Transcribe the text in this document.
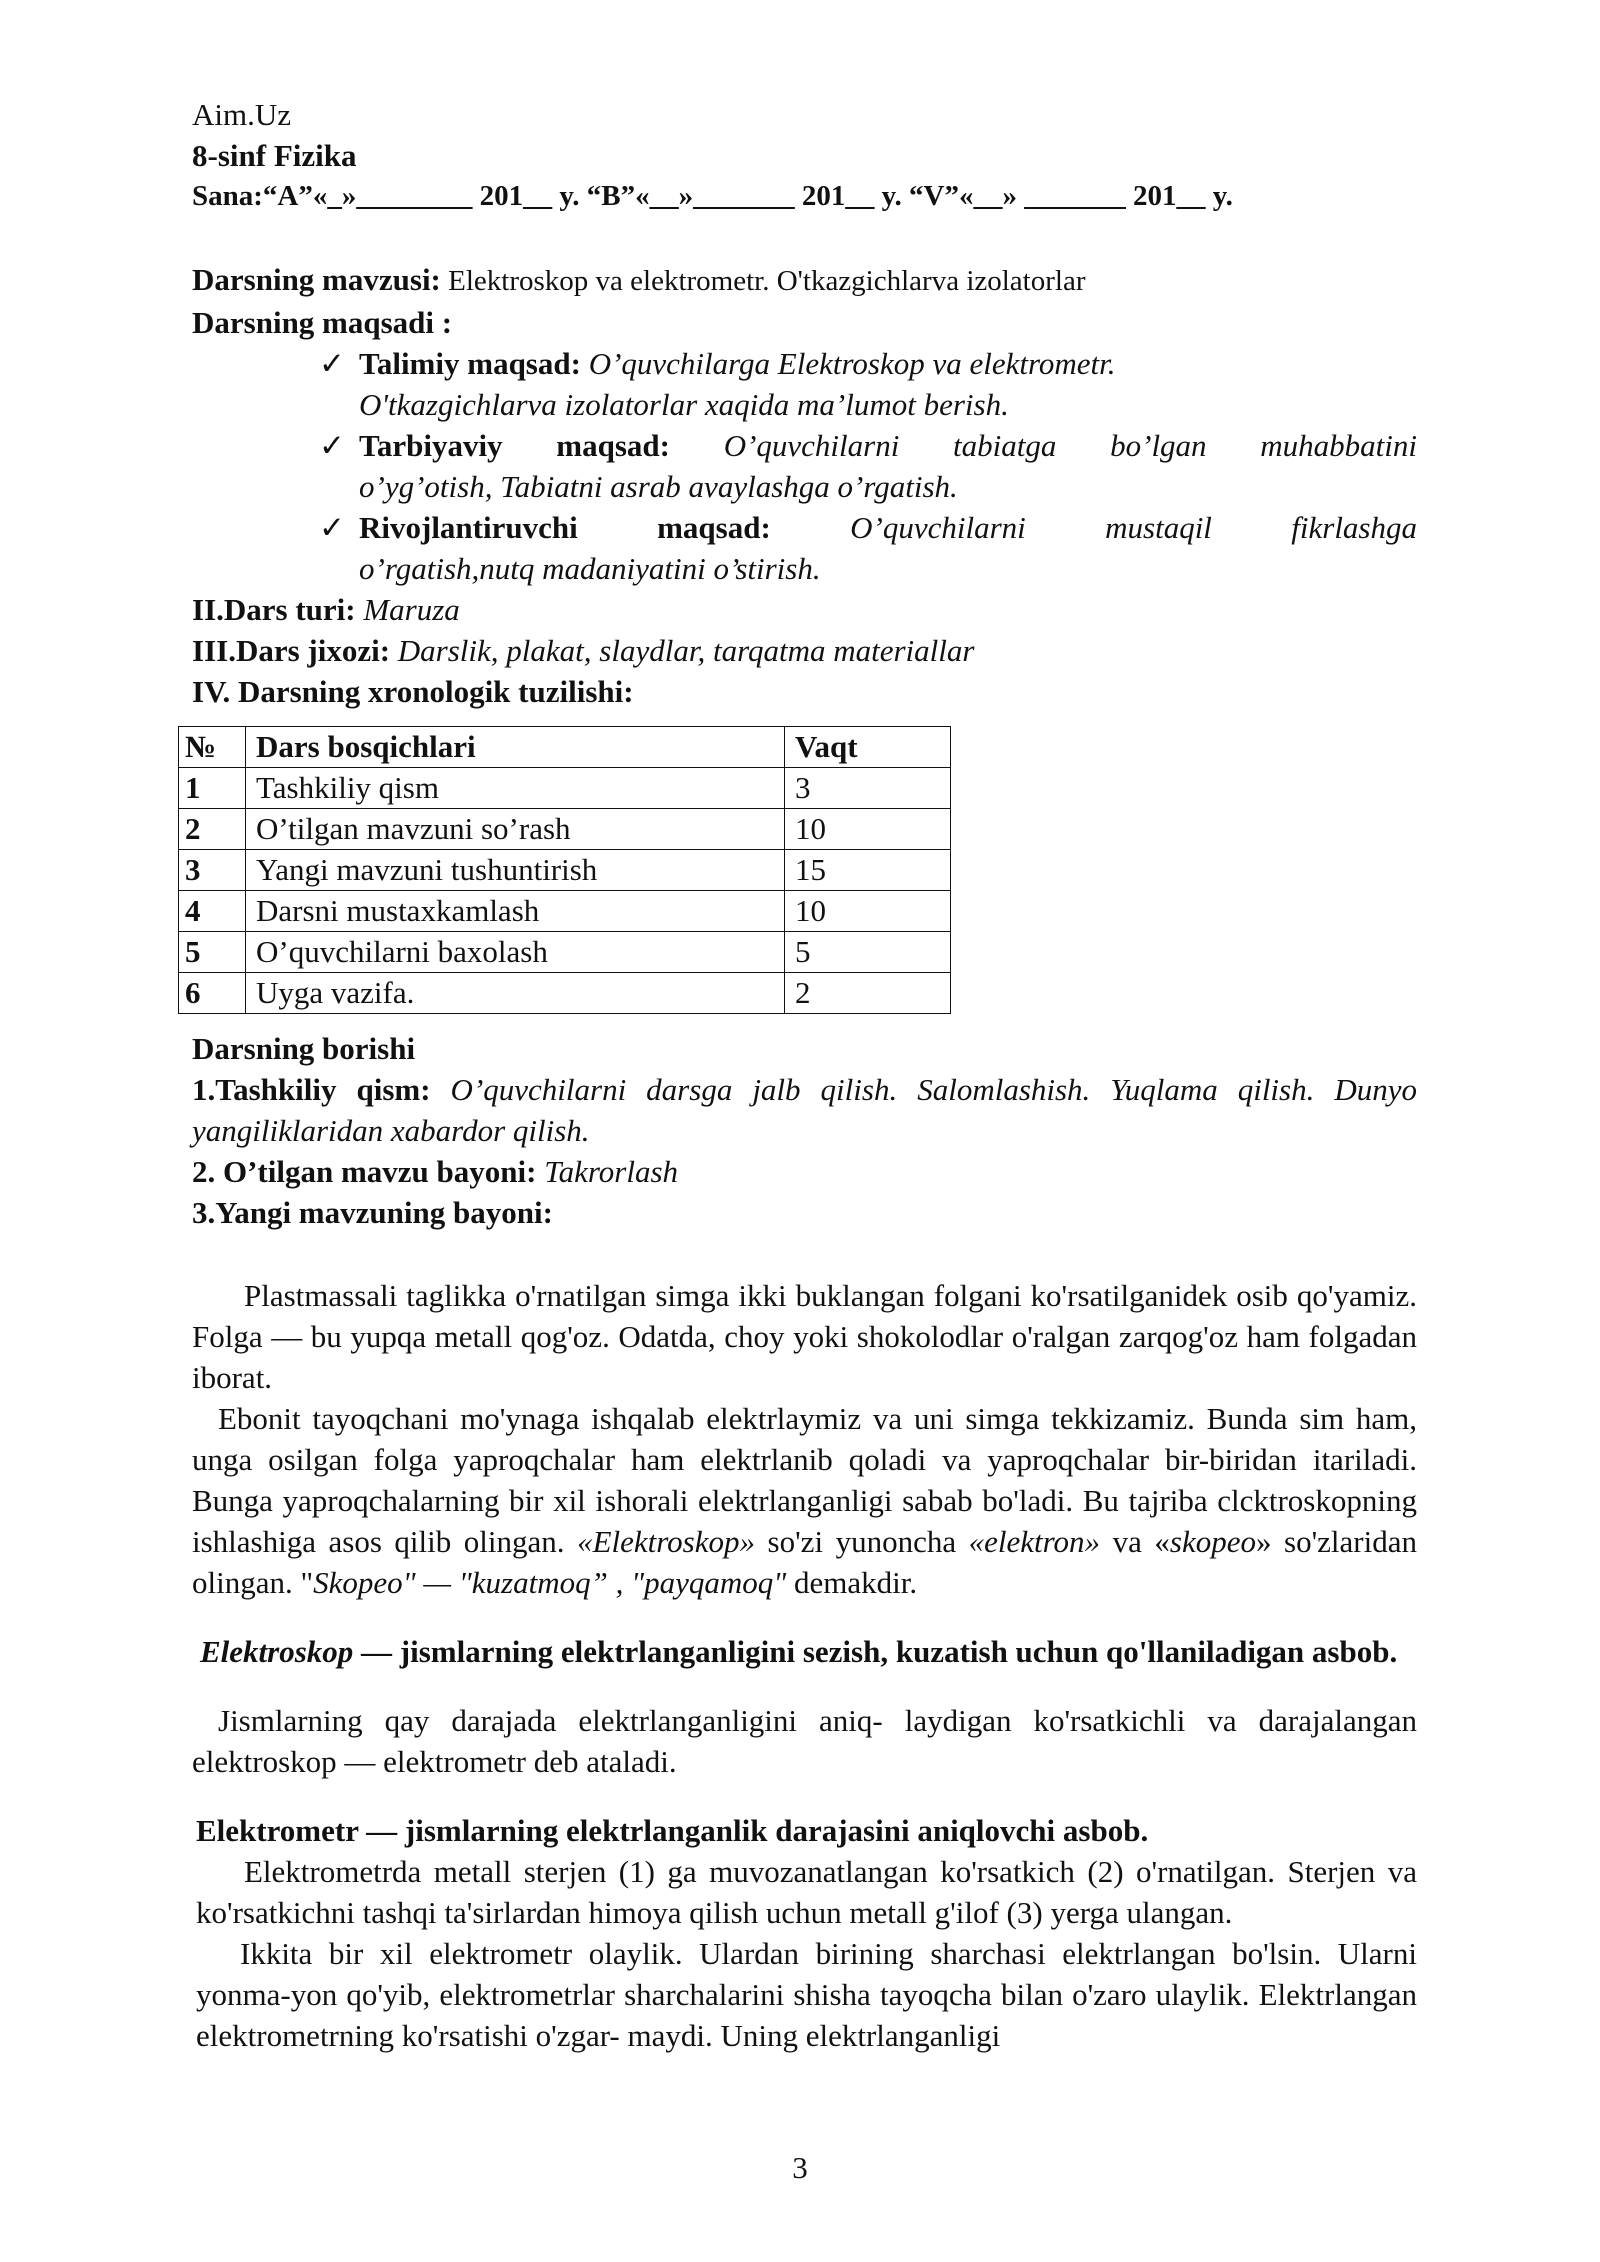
Aim.Uz
8-sinf Fizika
Sana:“A”«_»________ 201__ y. “B”«__»_______ 201__ y. “V”«__» _______ 201__ y.
Darsning mavzusi: Elektroskop va elektrometr. O'tkazgichlarva izolatorlar
Darsning maqsadi :
✓ Talimiy maqsad: O’quvchilarga Elektroskop va elektrometr.
O'tkazgichlarva izolatorlar xaqida ma’lumot berish.
✓ Tarbiyaviy maqsad: O’quvchilarni tabiatga bo’lgan muhabbatini
o’yg’otish, Tabiatni asrab avaylashga o’rgatish.
✓ Rivojlantiruvchi maqsad: O’quvchilarni mustaqil fikrlashga
o’rgatish,nutq madaniyatini o’stirish.
II.Dars turi: Maruza
III.Dars jixozi: Darslik, plakat, slaydlar, tarqatma materiallar
IV. Darsning xronologik tuzilishi:
№	Dars bosqichlari	Vaqt
1	Tashkiliy qism	3
2	O’tilgan mavzuni so’rash	10
3	Yangi mavzuni tushuntirish	15
4	Darsni mustaxkamlash	10
5	O’quvchilarni baxolash	5
6	Uyga vazifa.	2
Darsning borishi
1.Tashkiliy qism: O’quvchilarni darsga jalb qilish. Salomlashish. Yuqlama qilish. Dunyo yangiliklaridan xabardor qilish.
2. O’tilgan mavzu bayoni: Takrorlash
3.Yangi mavzuning bayoni:

Plastmassali taglikka o'rnatilgan simga ikki buklangan folgani ko'rsatilganidek osib qo'yamiz. Folga — bu yupqa metall qog'oz. Odatda, choy yoki shokolodlar o'ralgan zarqog'oz ham folgadan iborat.

Ebonit tayoqchani mo'ynaga ishqalab elektrlaymiz va uni simga tekkizamiz. Bunda sim ham, unga osilgan folga yaproqchalar ham elektrlanib qoladi va yaproqchalar bir-biridan itariladi. Bunga yaproqchalarning bir xil ishorali elektrlanganligi sabab bo'ladi. Bu tajriba clcktroskopning ishlashiga asos qilib olingan. «Elektroskop» so'zi yunoncha «elektron» va «skopeo» so'zlaridan olingan. "Skopeo" — "kuzatmoq” , "payqamoq" demakdir.

Elektroskop — jismlarning elektrlanganligini sezish, kuzatish uchun qo'llaniladigan asbob.

Jismlarning qay darajada elektrlanganligini aniq- laydigan ko'rsatkichli va darajalangan elektroskop — elektrometr deb ataladi.

Elektrometr — jismlarning elektrlanganlik darajasini aniqlovchi asbob.

Elektrometrda metall sterjen (1) ga muvozanatlangan ko'rsatkich (2) o'rnatilgan. Sterjen va ko'rsatkichni tashqi ta'sirlardan himoya qilish uchun metall g'ilof (3) yerga ulangan.

Ikkita bir xil elektrometr olaylik. Ulardan birining sharchasi elektrlangan bo'lsin. Ularni yonma-yon qo'yib, elektrometrlar sharchalarini shisha tayoqcha bilan o'zaro ulaylik. Elektrlangan elektrometrning ko'rsatishi o'zgar- maydi. Uning elektrlanganligi

3
